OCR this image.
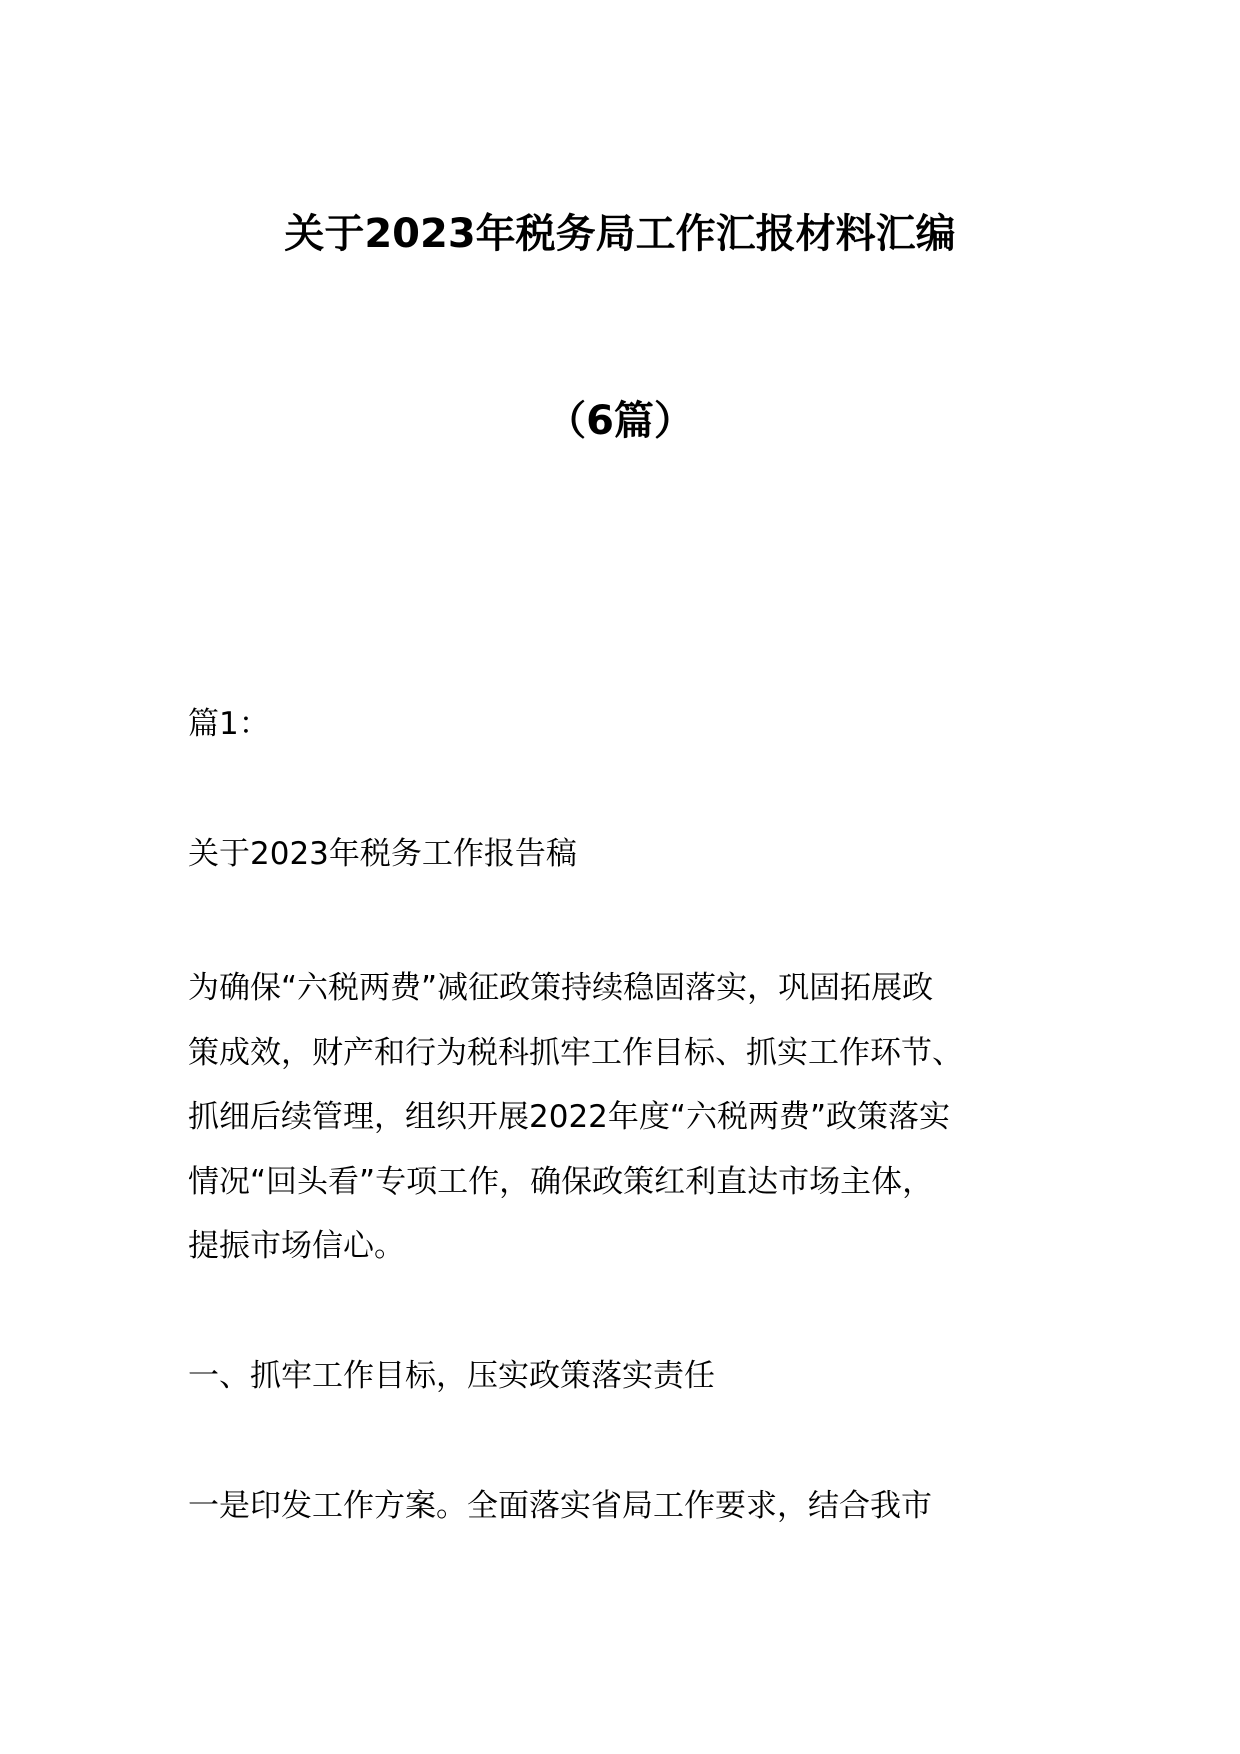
关于2023年税务局工作汇报材料汇编
（6篇）
篇1：
关于2023年税务工作报告稿
为确保“六税两费”减征政策持续稳固落实，巩固拓展政
策成效，财产和行为税科抓牢工作目标、抓实工作环节、
抓细后续管理，组织开展2022年度“六税两费”政策落实
情况“回头看”专项工作，确保政策红利直达市场主体，
提振市场信心。
一、抓牢工作目标，压实政策落实责任
一是印发工作方案。全面落实省局工作要求，结合我市
